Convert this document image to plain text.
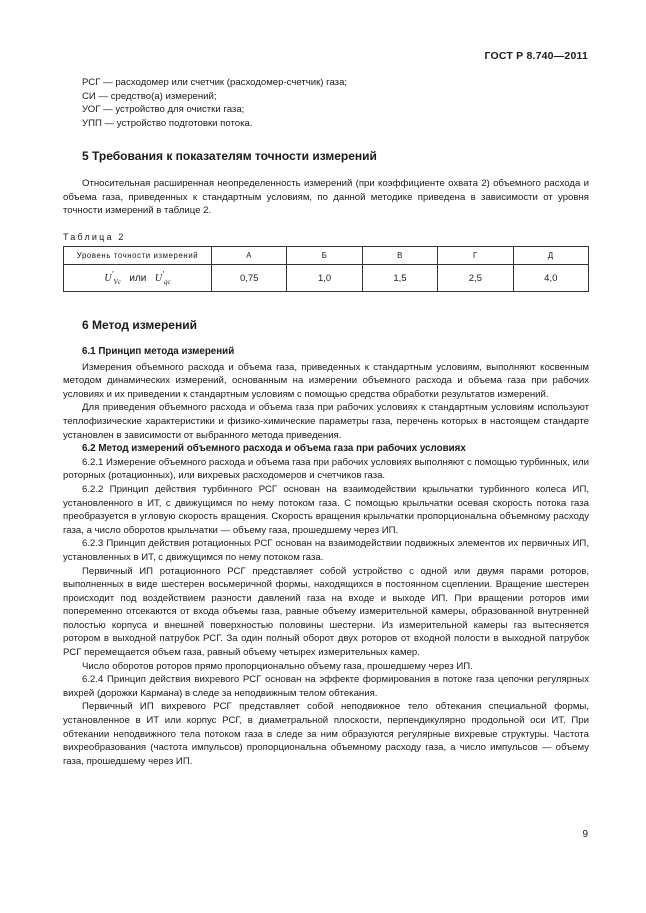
ГОСТ Р 8.740—2011

РСГ — расходомер или счетчик (расходомер-счетчик) газа;

СИ — средство(а) измерений;

УОГ — устройство для очистки газа;

УПП — устройство подготовки потока.

5 Требования к показателям точности измерений

Относительная расширенная неопределенность измерений (при коэффициенте охвата 2) объемного расхода и объема газа, приведенных к стандартным условиям, по данной методике приведена в зависимости от уровня точности измерений в таблице 2.

Таблица 2
Уровень точности измерений	А	Б	В	Г	Д
$U'_{Vc}$ или $U'_{qc}$	0,75	1,0	1,5	2,5	4,0
6 Метод измерений
6.1 Принцип метода измерений

Измерения объемного расхода и объема газа, приведенных к стандартным условиям, выполняют косвенным методом динамических измерений, основанным на измерении объемного расхода и объема газа при рабочих условиях и их приведении к стандартным условиям с помощью средства обработки результатов измерений.

Для приведения объемного расхода и объема газа при рабочих условиях к стандартным условиям используют теплофизические характеристики и физико-химические параметры газа, перечень которых в настоящем стандарте установлен в зависимости от выбранного метода приведения.

6.2 Метод измерений объемного расхода и объема газа при рабочих условиях

6.2.1 Измерение объемного расхода и объема газа при рабочих условиях выполняют с помощью турбинных, или роторных (ротационных), или вихревых расходомеров и счетчиков газа.

6.2.2 Принцип действия турбинного РСГ основан на взаимодействии крыльчатки турбинного колеса ИП, установленного в ИТ, с движущимся по нему потоком газа. С помощью крыльчатки осевая скорость потока газа преобразуется в угловую скорость вращения. Скорость вращения крыльчатки пропорциональна объемному расходу газа, а число оборотов крыльчатки — объему газа, прошедшему через ИП.

6.2.3 Принцип действия ротационных РСГ основан на взаимодействии подвижных элементов их первичных ИП, установленных в ИТ, с движущимся по нему потоком газа.

Первичный ИП ротационного РСГ представляет собой устройство с одной или двумя парами роторов, выполненных в виде шестерен восьмеричной формы, находящихся в постоянном сцеплении. Вращение шестерен происходит под воздействием разности давлений газа на входе и выходе ИП. При вращении роторов ими попеременно отсекаются от входа объемы газа, равные объему измерительной камеры, образованной внутренней полостью корпуса и внешней поверхностью половины шестерни. Из измерительной камеры газ вытесняется ротором в выходной патрубок РСГ. За один полный оборот двух роторов от входной полости в выходной патрубок РСГ перемещается объем газа, равный объему четырех измерительных камер.

Число оборотов роторов прямо пропорционально объему газа, прошедшему через ИП.

6.2.4 Принцип действия вихревого РСГ основан на эффекте формирования в потоке газа цепочки регулярных вихрей (дорожки Кармана) в следе за неподвижным телом обтекания.

Первичный ИП вихревого РСГ представляет собой неподвижное тело обтекания специальной формы, установленное в ИТ или корпус РСГ, в диаметральной плоскости, перпендикулярно продольной оси ИТ. При обтекании неподвижного тела потоком газа в следе за ним образуются регулярные вихревые структуры. Частота вихреобразования (частота импульсов) пропорциональна объемному расходу газа, а число импульсов — объему газа, прошедшему через ИП.

9
